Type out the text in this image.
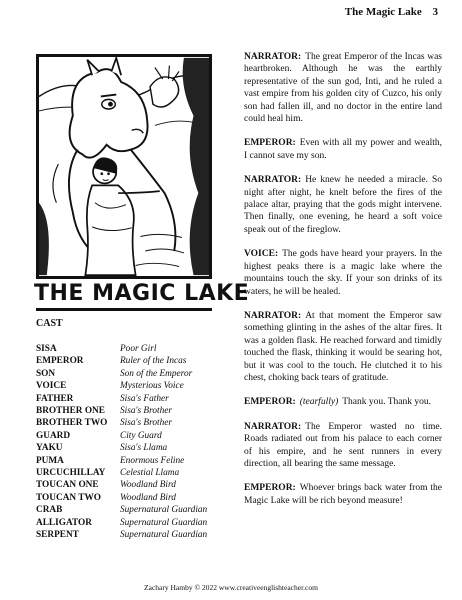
The Magic Lake 3
THE MAGIC LAKE
CAST
SISA	Poor Girl
EMPEROR	Ruler of the Incas
SON	Son of the Emperor
VOICE	Mysterious Voice
FATHER	Sisa's Father
BROTHER ONE	Sisa's Brother
BROTHER TWO	Sisa's Brother
GUARD	City Guard
YAKU	Sisa's Llama
PUMA	Enormous Feline
URCUCHILLAY	Celestial Llama
TOUCAN ONE	Woodland Bird
TOUCAN TWO	Woodland Bird
CRAB	Supernatural Guardian
ALLIGATOR	Supernatural Guardian
SERPENT	Supernatural Guardian

NARRATOR: The great Emperor of the Incas was heartbroken. Although he was the earthly representative of the sun god, Inti, and he ruled a vast empire from his golden city of Cuzco, his only son had fallen ill, and no doctor in the entire land could heal him.

EMPEROR: Even with all my power and wealth, I cannot save my son.

NARRATOR: He knew he needed a miracle. So night after night, he knelt before the fires of the palace altar, praying that the gods might intervene. Then finally, one evening, he heard a soft voice speak out of the fireglow.

VOICE: The gods have heard your prayers. In the highest peaks there is a magic lake where the mountains touch the sky. If your son drinks of its waters, he will be healed.

NARRATOR: At that moment the Emperor saw something glinting in the ashes of the altar fires. It was a golden flask. He reached forward and timidly touched the flask, thinking it would be searing hot, but it was cool to the touch. He clutched it to his chest, choking back tears of gratitude.

EMPEROR: (tearfully) Thank you. Thank you.

NARRATOR: The Emperor wasted no time. Roads radiated out from his palace to each corner of his empire, and he sent runners in every direction, all bearing the same message.

EMPEROR: Whoever brings back water from the Magic Lake will be rich beyond measure!

Zachary Hamby © 2022 www.creativeenglishteacher.com
